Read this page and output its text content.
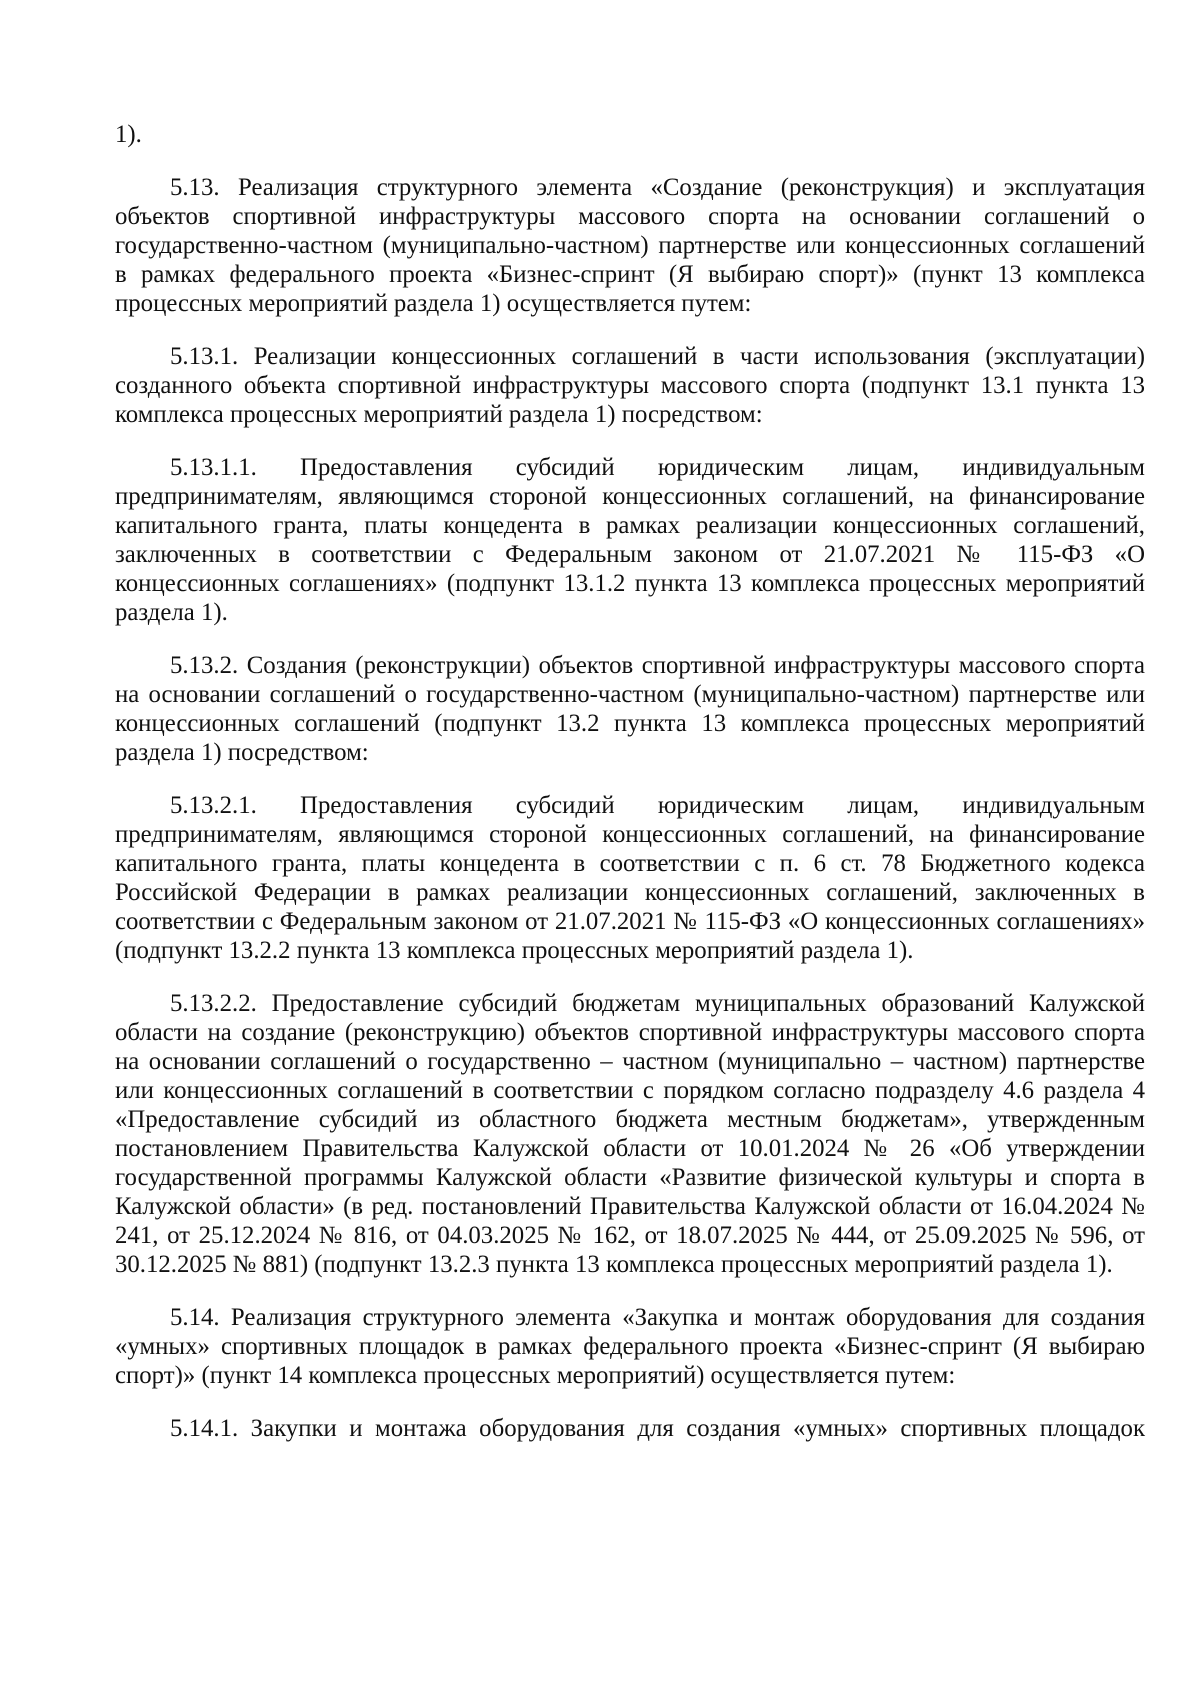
1).

5.13. Реализация структурного элемента «Создание (реконструкция) и эксплуатация объектов спортивной инфраструктуры массового спорта на основании соглашений о государственно-частном (муниципально-частном) партнерстве или концессионных соглашений в рамках федерального проекта «Бизнес-спринт (Я выбираю спорт)» (пункт 13 комплекса процессных мероприятий раздела 1) осуществляется путем:

5.13.1. Реализации концессионных соглашений в части использования (эксплуатации) созданного объекта спортивной инфраструктуры массового спорта (подпункт 13.1 пункта 13 комплекса процессных мероприятий раздела 1) посредством:

5.13.1.1. Предоставления субсидий юридическим лицам, индивидуальным предпринимателям, являющимся стороной концессионных соглашений, на финансирование капитального гранта, платы концедента в рамках реализации концессионных соглашений, заключенных в соответствии с Федеральным законом от 21.07.2021 № 115-ФЗ «О концессионных соглашениях» (подпункт 13.1.2 пункта 13 комплекса процессных мероприятий раздела 1).

5.13.2. Создания (реконструкции) объектов спортивной инфраструктуры массового спорта на основании соглашений о государственно-частном (муниципально-частном) партнерстве или концессионных соглашений (подпункт 13.2 пункта 13 комплекса процессных мероприятий раздела 1) посредством:

5.13.2.1. Предоставления субсидий юридическим лицам, индивидуальным предпринимателям, являющимся стороной концессионных соглашений, на финансирование капитального гранта, платы концедента в соответствии с п. 6 ст. 78 Бюджетного кодекса Российской Федерации в рамках реализации концессионных соглашений, заключенных в соответствии с Федеральным законом от 21.07.2021 № 115-ФЗ «О концессионных соглашениях» (подпункт 13.2.2 пункта 13 комплекса процессных мероприятий раздела 1).

5.13.2.2. Предоставление субсидий бюджетам муниципальных образований Калужской области на создание (реконструкцию) объектов спортивной инфраструктуры массового спорта на основании соглашений о государственно – частном (муниципально – частном) партнерстве или концессионных соглашений в соответствии с порядком согласно подразделу 4.6 раздела 4 «Предоставление субсидий из областного бюджета местным бюджетам», утвержденным постановлением Правительства Калужской области от 10.01.2024 № 26 «Об утверждении государственной программы Калужской области «Развитие физической культуры и спорта в Калужской области» (в ред. постановлений Правительства Калужской области от 16.04.2024 № 241, от 25.12.2024 № 816, от 04.03.2025 № 162, от 18.07.2025 № 444, от 25.09.2025 № 596, от 30.12.2025 № 881) (подпункт 13.2.3 пункта 13 комплекса процессных мероприятий раздела 1).

5.14. Реализация структурного элемента «Закупка и монтаж оборудования для создания «умных» спортивных площадок в рамках федерального проекта «Бизнес-спринт (Я выбираю спорт)» (пункт 14 комплекса процессных мероприятий) осуществляется путем:

5.14.1. Закупки и монтажа оборудования для создания «умных» спортивных площадок
